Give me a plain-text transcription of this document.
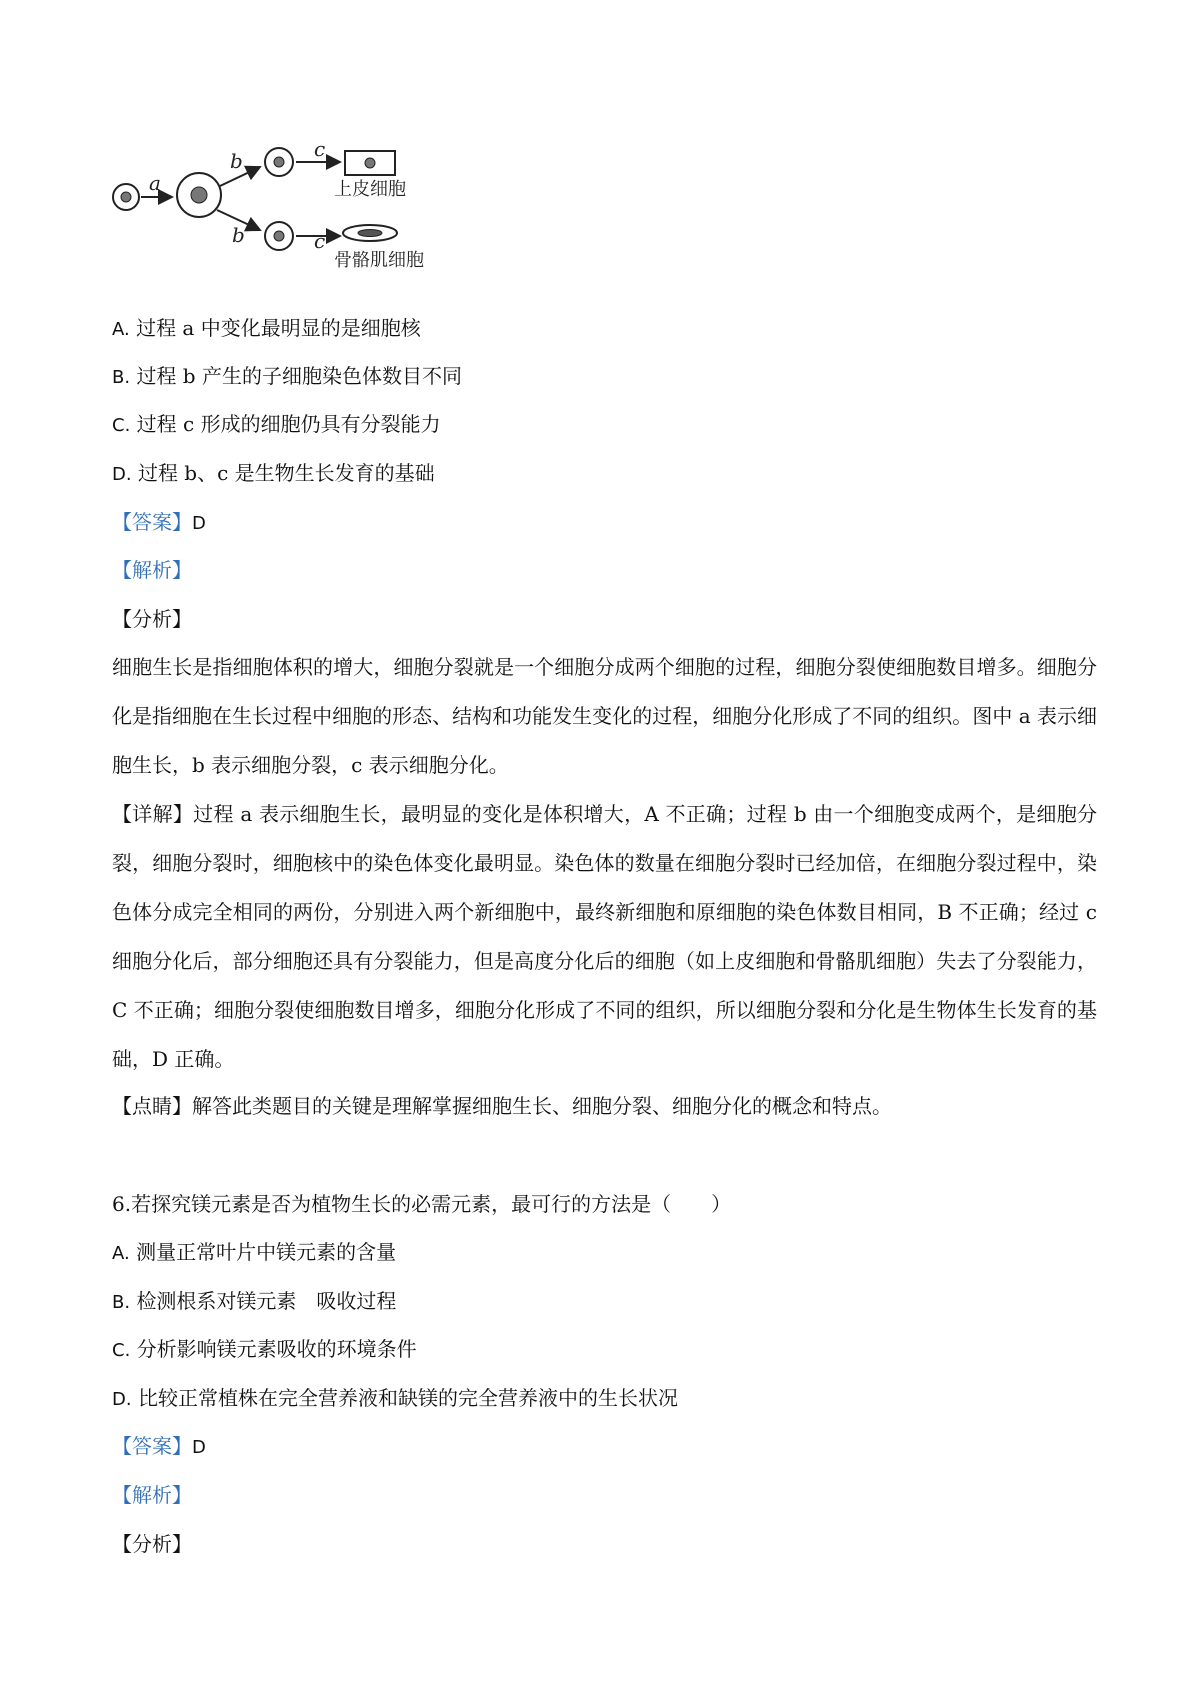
a
b	c
上皮细胞
b	c
骨骼肌细胞
A. 过程 a 中变化最明显的是细胞核
B. 过程 b 产生的子细胞染色体数目不同
C. 过程 c 形成的细胞仍具有分裂能力
D. 过程 b、c 是生物生长发育的基础
【答案】D
【解析】
【分析】
细胞生长是指细胞体积的增大，细胞分裂就是一个细胞分成两个细胞的过程，细胞分裂使细胞数目增多。细胞分化是指细胞在生长过程中细胞的形态、结构和功能发生变化的过程，细胞分化形成了不同的组织。图中 a 表示细胞生长，b 表示细胞分裂，c 表示细胞分化。
【详解】过程 a 表示细胞生长，最明显的变化是体积增大，A 不正确；过程 b 由一个细胞变成两个，是细胞分裂，细胞分裂时，细胞核中的染色体变化最明显。染色体的数量在细胞分裂时已经加倍，在细胞分裂过程中，染色体分成完全相同的两份，分别进入两个新细胞中，最终新细胞和原细胞的染色体数目相同，B 不正确；经过 c 细胞分化后，部分细胞还具有分裂能力，但是高度分化后的细胞（如上皮细胞和骨骼肌细胞）失去了分裂能力，C 不正确；细胞分裂使细胞数目增多，细胞分化形成了不同的组织，所以细胞分裂和分化是生物体生长发育的基础，D 正确。
【点睛】解答此类题目的关键是理解掌握细胞生长、细胞分裂、细胞分化的概念和特点。
6.若探究镁元素是否为植物生长的必需元素，最可行的方法是（　　）
A. 测量正常叶片中镁元素的含量
B. 检测根系对镁元素　吸收过程
C. 分析影响镁元素吸收的环境条件
D. 比较正常植株在完全营养液和缺镁的完全营养液中的生长状况
【答案】D
【解析】
【分析】
